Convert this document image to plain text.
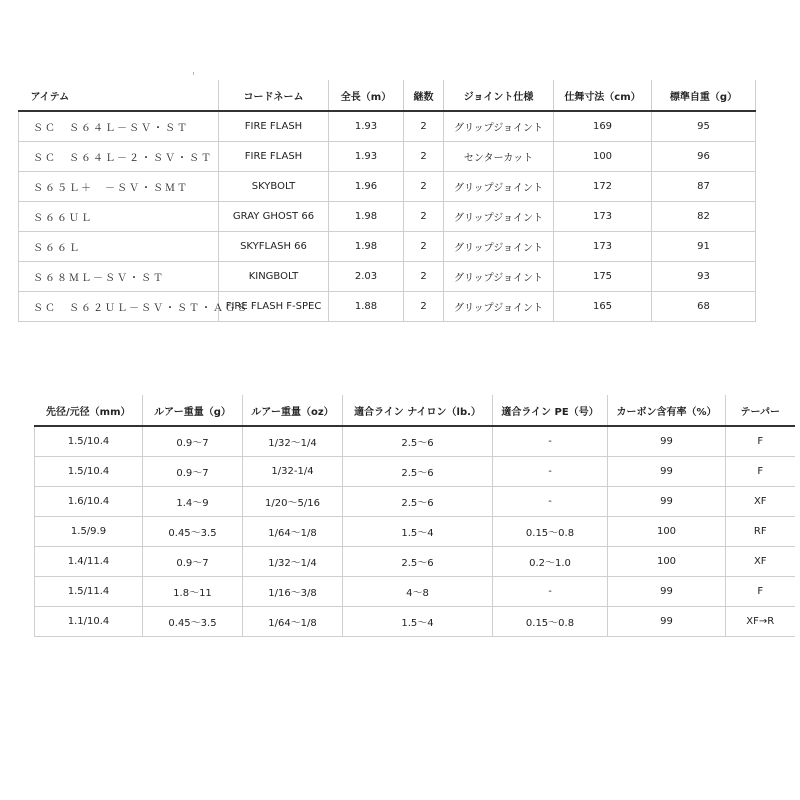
アイテム	コードネーム	全長（m）	継数	ジョイント仕様	仕舞寸法（cm）	標準自重（g）
ＳＣ　Ｓ６４Ｌ－ＳＶ・ＳＴ	FIRE FLASH	1.93	2	グリップジョイント	169	95
ＳＣ　Ｓ６４Ｌ－２・ＳＶ・ＳＴ	FIRE FLASH	1.93	2	センターカット	100	96
Ｓ６５Ｌ＋　－ＳＶ・ＳＭＴ	SKYBOLT	1.96	2	グリップジョイント	172	87
Ｓ６６ＵＬ	GRAY GHOST 66	1.98	2	グリップジョイント	173	82
Ｓ６６Ｌ	SKYFLASH 66	1.98	2	グリップジョイント	173	91
Ｓ６８ＭＬ－ＳＶ・ＳＴ	KINGBOLT	2.03	2	グリップジョイント	175	93
ＳＣ　Ｓ６２ＵＬ－ＳＶ・ＳＴ・ＡＧＳ	FIRE FLASH F-SPEC	1.88	2	グリップジョイント	165	68
先径/元径（mm）	ルアー重量（g）	ルアー重量（oz）	適合ライン ナイロン（lb.）	適合ライン PE（号）	カーボン含有率（%）	テーパー
1.5/10.4	0.9～7	1/32～1/4	2.5～6	-	99	F
1.5/10.4	0.9～7	1/32-1/4	2.5～6	-	99	F
1.6/10.4	1.4～9	1/20～5/16	2.5～6	-	99	XF
1.5/9.9	0.45～3.5	1/64～1/8	1.5～4	0.15～0.8	100	RF
1.4/11.4	0.9～7	1/32～1/4	2.5～6	0.2～1.0	100	XF
1.5/11.4	1.8～11	1/16～3/8	4～8	-	99	F
1.1/10.4	0.45～3.5	1/64～1/8	1.5～4	0.15～0.8	99	XF→R
